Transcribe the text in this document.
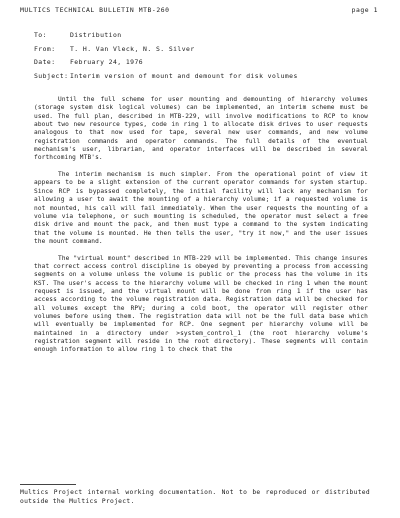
MULTICS TECHNICAL BULLETIN MTB-260	page 1
To:	Distribution
From:	T. H. Van Vleck, N. S. Silver
Date:	February 24, 1976
Subject: Interim version of mount and demount for disk volumes

Until the full scheme for user mounting and demounting of hierarchy volumes (storage system disk logical volumes) can be implemented, an interim scheme must be used. The full plan, described in MTB-229, will involve modifications to RCP to know about two new resource types, code in ring 1 to allocate disk drives to user requests analogous to that now used for tape, several new user commands, and new volume registration commands and operator commands. The full details of the eventual mechanism's user, librarian, and operator interfaces will be described in several forthcoming MTB's.

The interim mechanism is much simpler. From the operational point of view it appears to be a slight extension of the current operator commands for system startup. Since RCP is bypassed completely, the initial facility will lack any mechanism for allowing a user to await the mounting of a hierarchy volume; if a requested volume is not mounted, his call will fail immediately. When the user requests the mounting of a volume via telephone, or such mounting is scheduled, the operator must select a free disk drive and mount the pack, and then must type a command to the system indicating that the volume is mounted. He then tells the user, "try it now," and the user issues the mount command.

The "virtual mount" described in MTB-229 will be implemented. This change insures that correct access control discipline is obeyed by preventing a process from accessing segments on a volume unless the volume is public or the process has the volume in its KST. The user's access to the hierarchy volume will be checked in ring 1 when the mount request is issued, and the virtual mount will be done from ring 1 if the user has access according to the volume registration data. Registration data will be checked for all volumes except the RPV; during a cold boot, the operator will register other volumes before using them. The registration data will not be the full data base which will eventually be implemented for RCP. One segment per hierarchy volume will be maintained in a directory under >system_control_1 (the root hierarchy volume's registration segment will reside in the root directory). These segments will contain enough information to allow ring 1 to check that the

Multics Project internal working documentation. Not to be reproduced or distributed outside the Multics Project.
